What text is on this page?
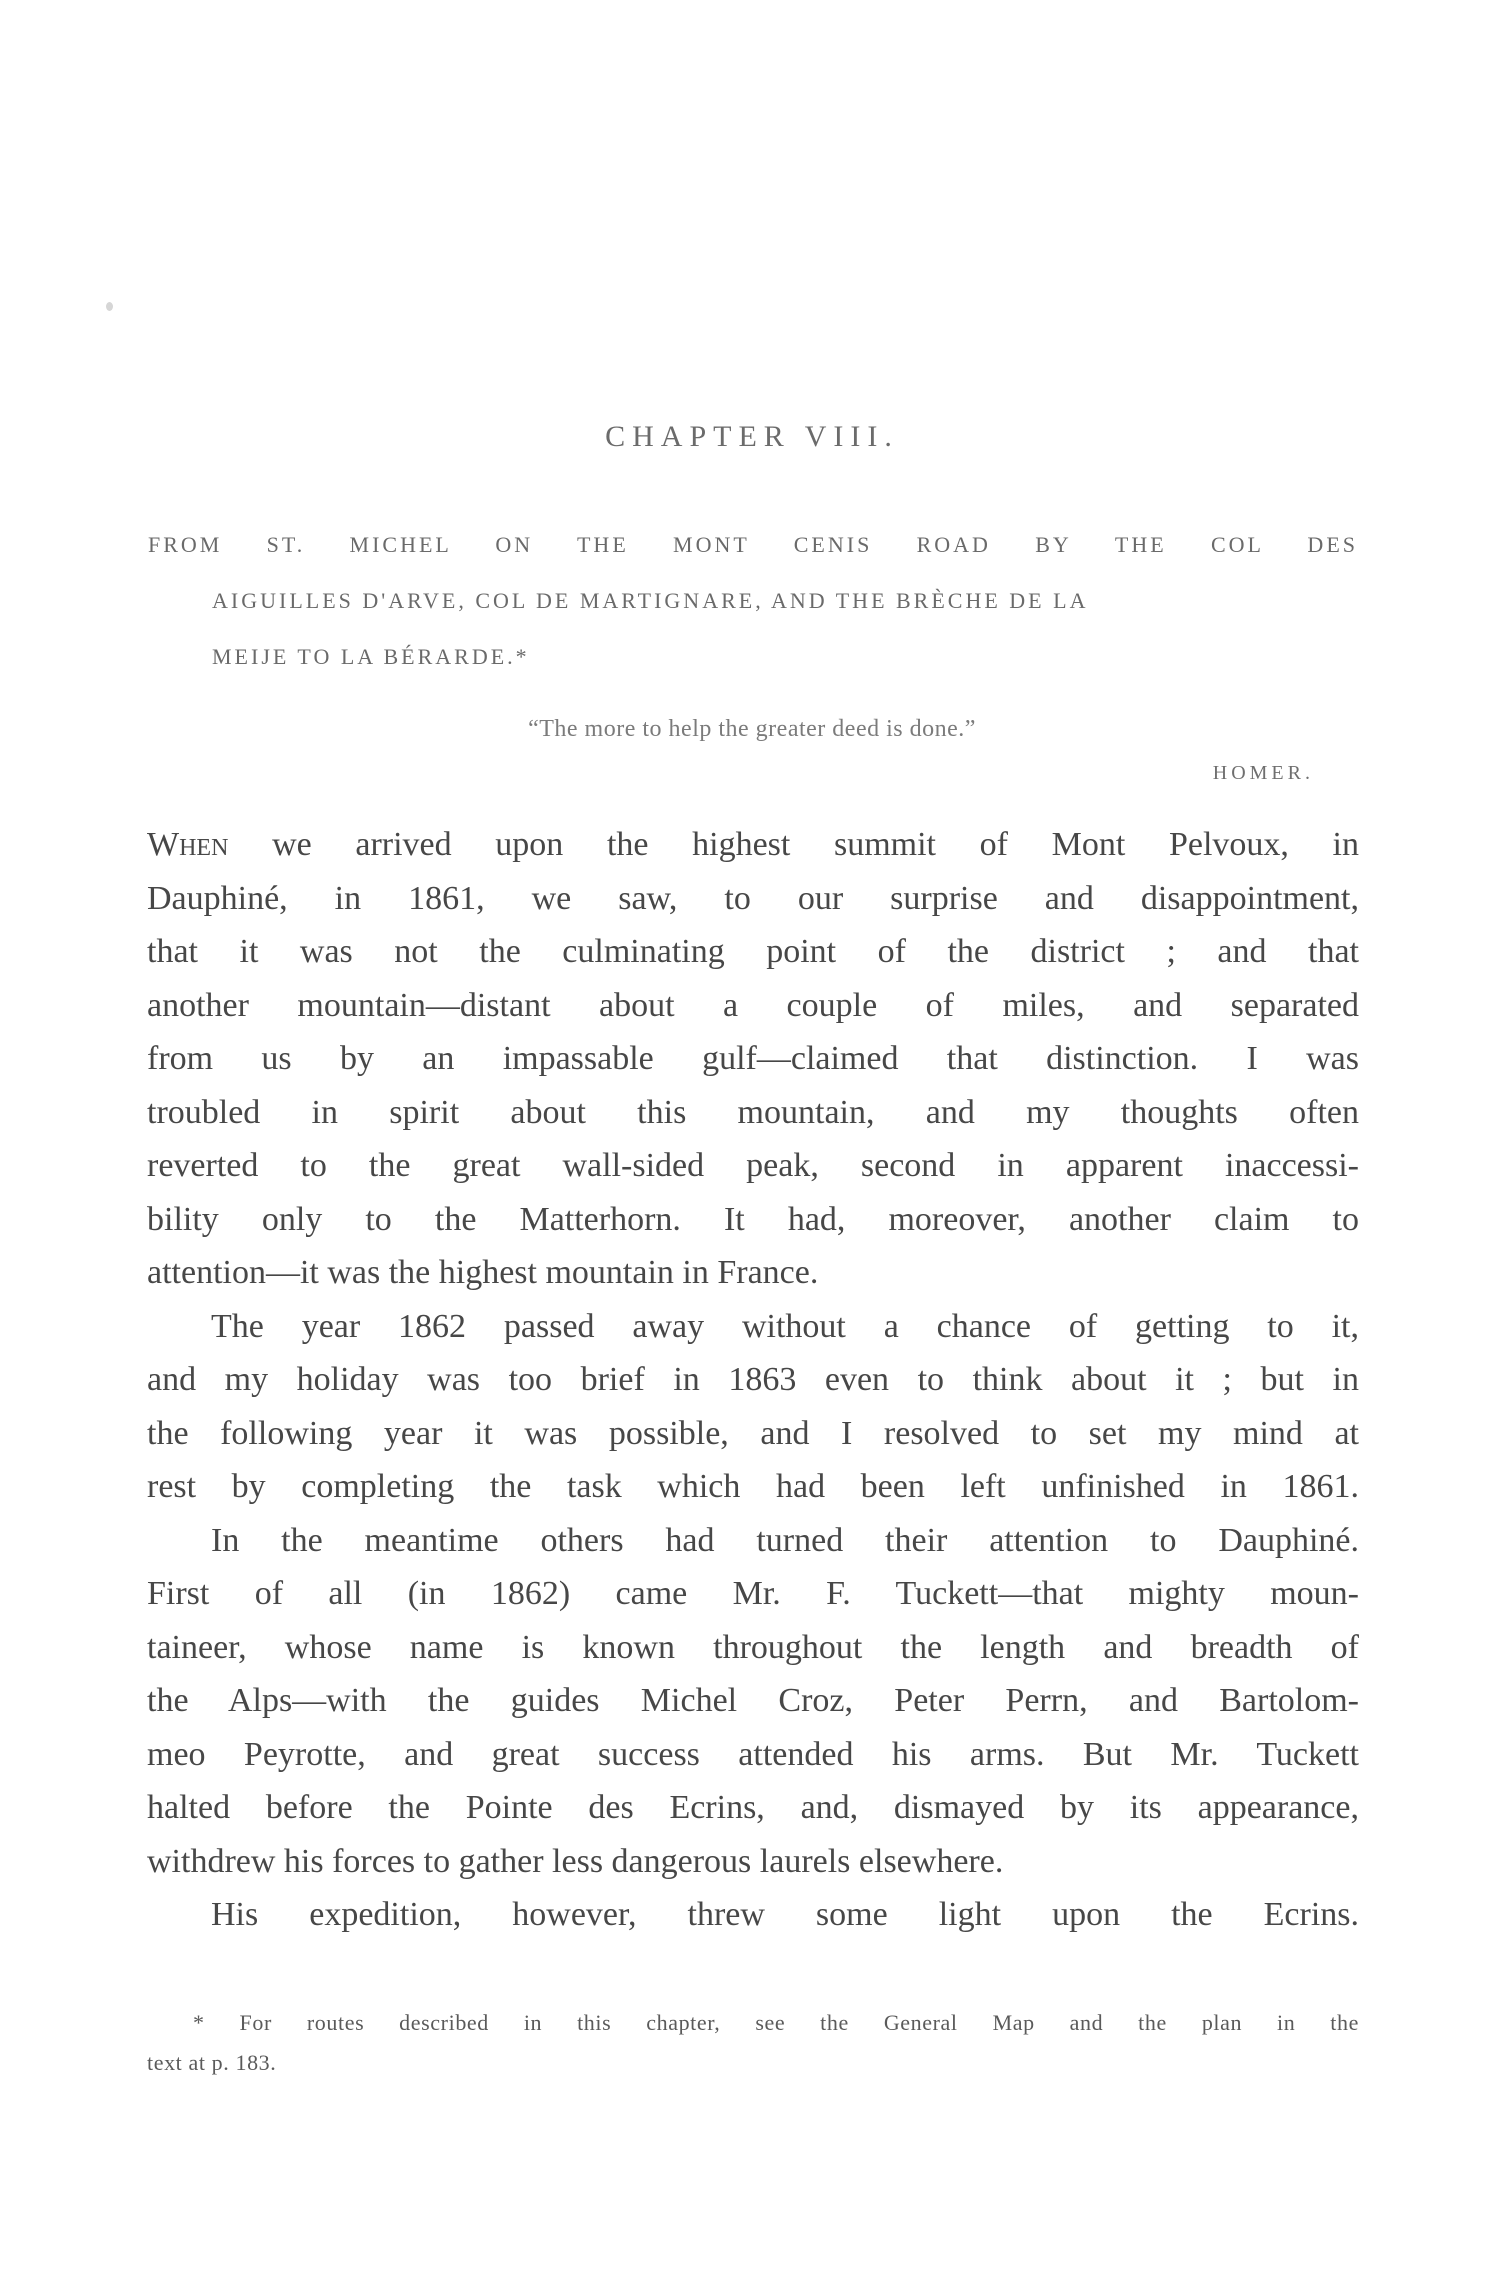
CHAPTER VIII.
FROM ST. MICHEL ON THE MONT CENIS ROAD BY THE COL DES
AIGUILLES D'ARVE, COL DE MARTIGNARE, AND THE BRÈCHE DE LA
MEIJE TO LA BÉRARDE.*
“The more to help the greater deed is done.”
HOMER.
When we arrived upon the highest summit of Mont Pelvoux, in
Dauphiné, in 1861, we saw, to our surprise and disappointment,
that it was not the culminating point of the district ; and that
another mountain—distant about a couple of miles, and separated
from us by an impassable gulf—claimed that distinction. I was
troubled in spirit about this mountain, and my thoughts often
reverted to the great wall-sided peak, second in apparent inaccessi-
bility only to the Matterhorn. It had, moreover, another claim to
attention—it was the highest mountain in France.
The year 1862 passed away without a chance of getting to it,
and my holiday was too brief in 1863 even to think about it ; but in
the following year it was possible, and I resolved to set my mind at
rest by completing the task which had been left unfinished in 1861.
In the meantime others had turned their attention to Dauphiné.
First of all (in 1862) came Mr. F. Tuckett—that mighty moun-
taineer, whose name is known throughout the length and breadth of
the Alps—with the guides Michel Croz, Peter Perrn, and Bartolom-
meo Peyrotte, and great success attended his arms. But Mr. Tuckett
halted before the Pointe des Ecrins, and, dismayed by its appearance,
withdrew his forces to gather less dangerous laurels elsewhere.
His expedition, however, threw some light upon the Ecrins.
* For routes described in this chapter, see the General Map and the plan in the
text at p. 183.
